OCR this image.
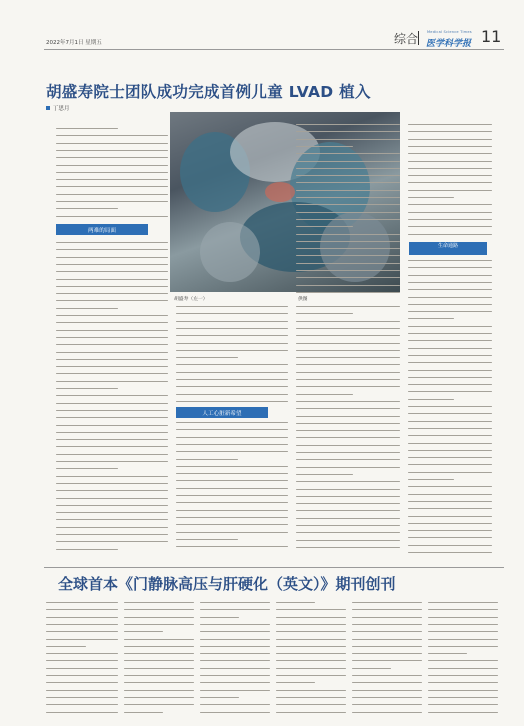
2022年7月1日 星期五	综合 Medical Science Times
医学科学报 11
胡盛寿院士团队成功完成首例儿童 LVAD 植入
丁思月
胡盛寿（左一）	供图
两难的局面
人工心脏新希望
生命通路
全球首本《门静脉高压与肝硬化（英文）》期刊创刊
